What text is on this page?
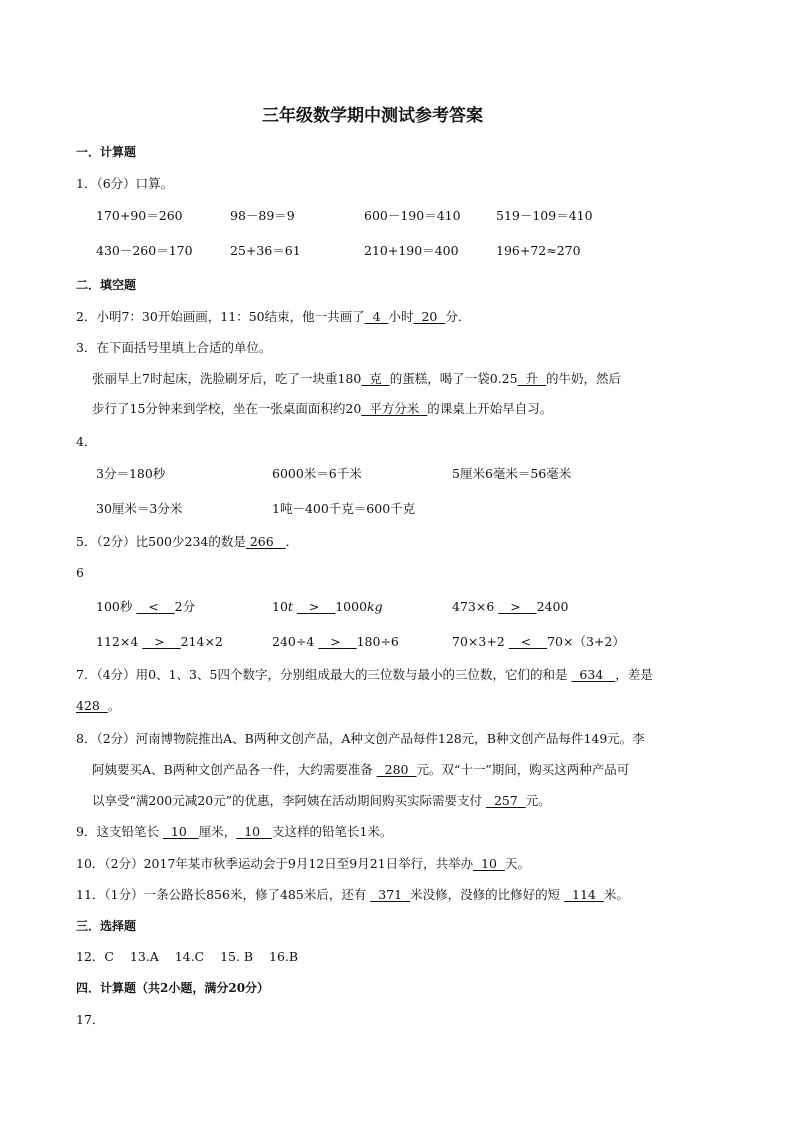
三年级数学期中测试参考答案
一．计算题
1．（6分）口算。
170+90＝260	98－89＝9	600－190＝410	519－109＝410
430－260＝170	25+36＝61	210+190＝400	196+72≈270
二．填空题
2．小明7：30开始画画，11：50结束，他一共画了 4 小时 20 分．
3．在下面括号里填上合适的单位。
张丽早上7时起床，洗脸刷牙后，吃了一块重180 克 的蛋糕，喝了一袋0.25 升 的牛奶，然后
步行了15分钟来到学校，坐在一张桌面面积约20 平方分米 的课桌上开始早自习。
4．
3分＝180秒	6000米＝6千米	5厘米6毫米＝56毫米
30厘米＝3分米	1吨－400千克＝600千克
5．（2分）比500少234的数是 266 ．
6
100秒 < 2分	10t > 1000kg	473×6 > 2400
112×4 > 214×2	240÷4 > 180÷6	70×3+2 < 70×（3+2）
7．（4分）用0、1、3、5四个数字，分别组成最大的三位数与最小的三位数，它们的和是 634 ，差是
428 。
8．（2分）河南博物院推出A、B两种文创产品，A种文创产品每件128元，B种文创产品每件149元。李
阿姨要买A、B两种文创产品各一件，大约需要准备 280 元。双“十一”期间，购买这两种产品可
以享受“满200元减20元”的优惠，李阿姨在活动期间购买实际需要支付 257 元。
9．这支铅笔长 10 厘米， 10 支这样的铅笔长1米。
10．（2分）2017年某市秋季运动会于9月12日至9月21日举行，共举办 10 天。
11．（1分）一条公路长856米，修了485米后，还有 371 米没修，没修的比修好的短 114 米。
三．选择题
12．C 13.A 14.C 15. B 16.B
四．计算题（共2小题，满分20分）
17．
